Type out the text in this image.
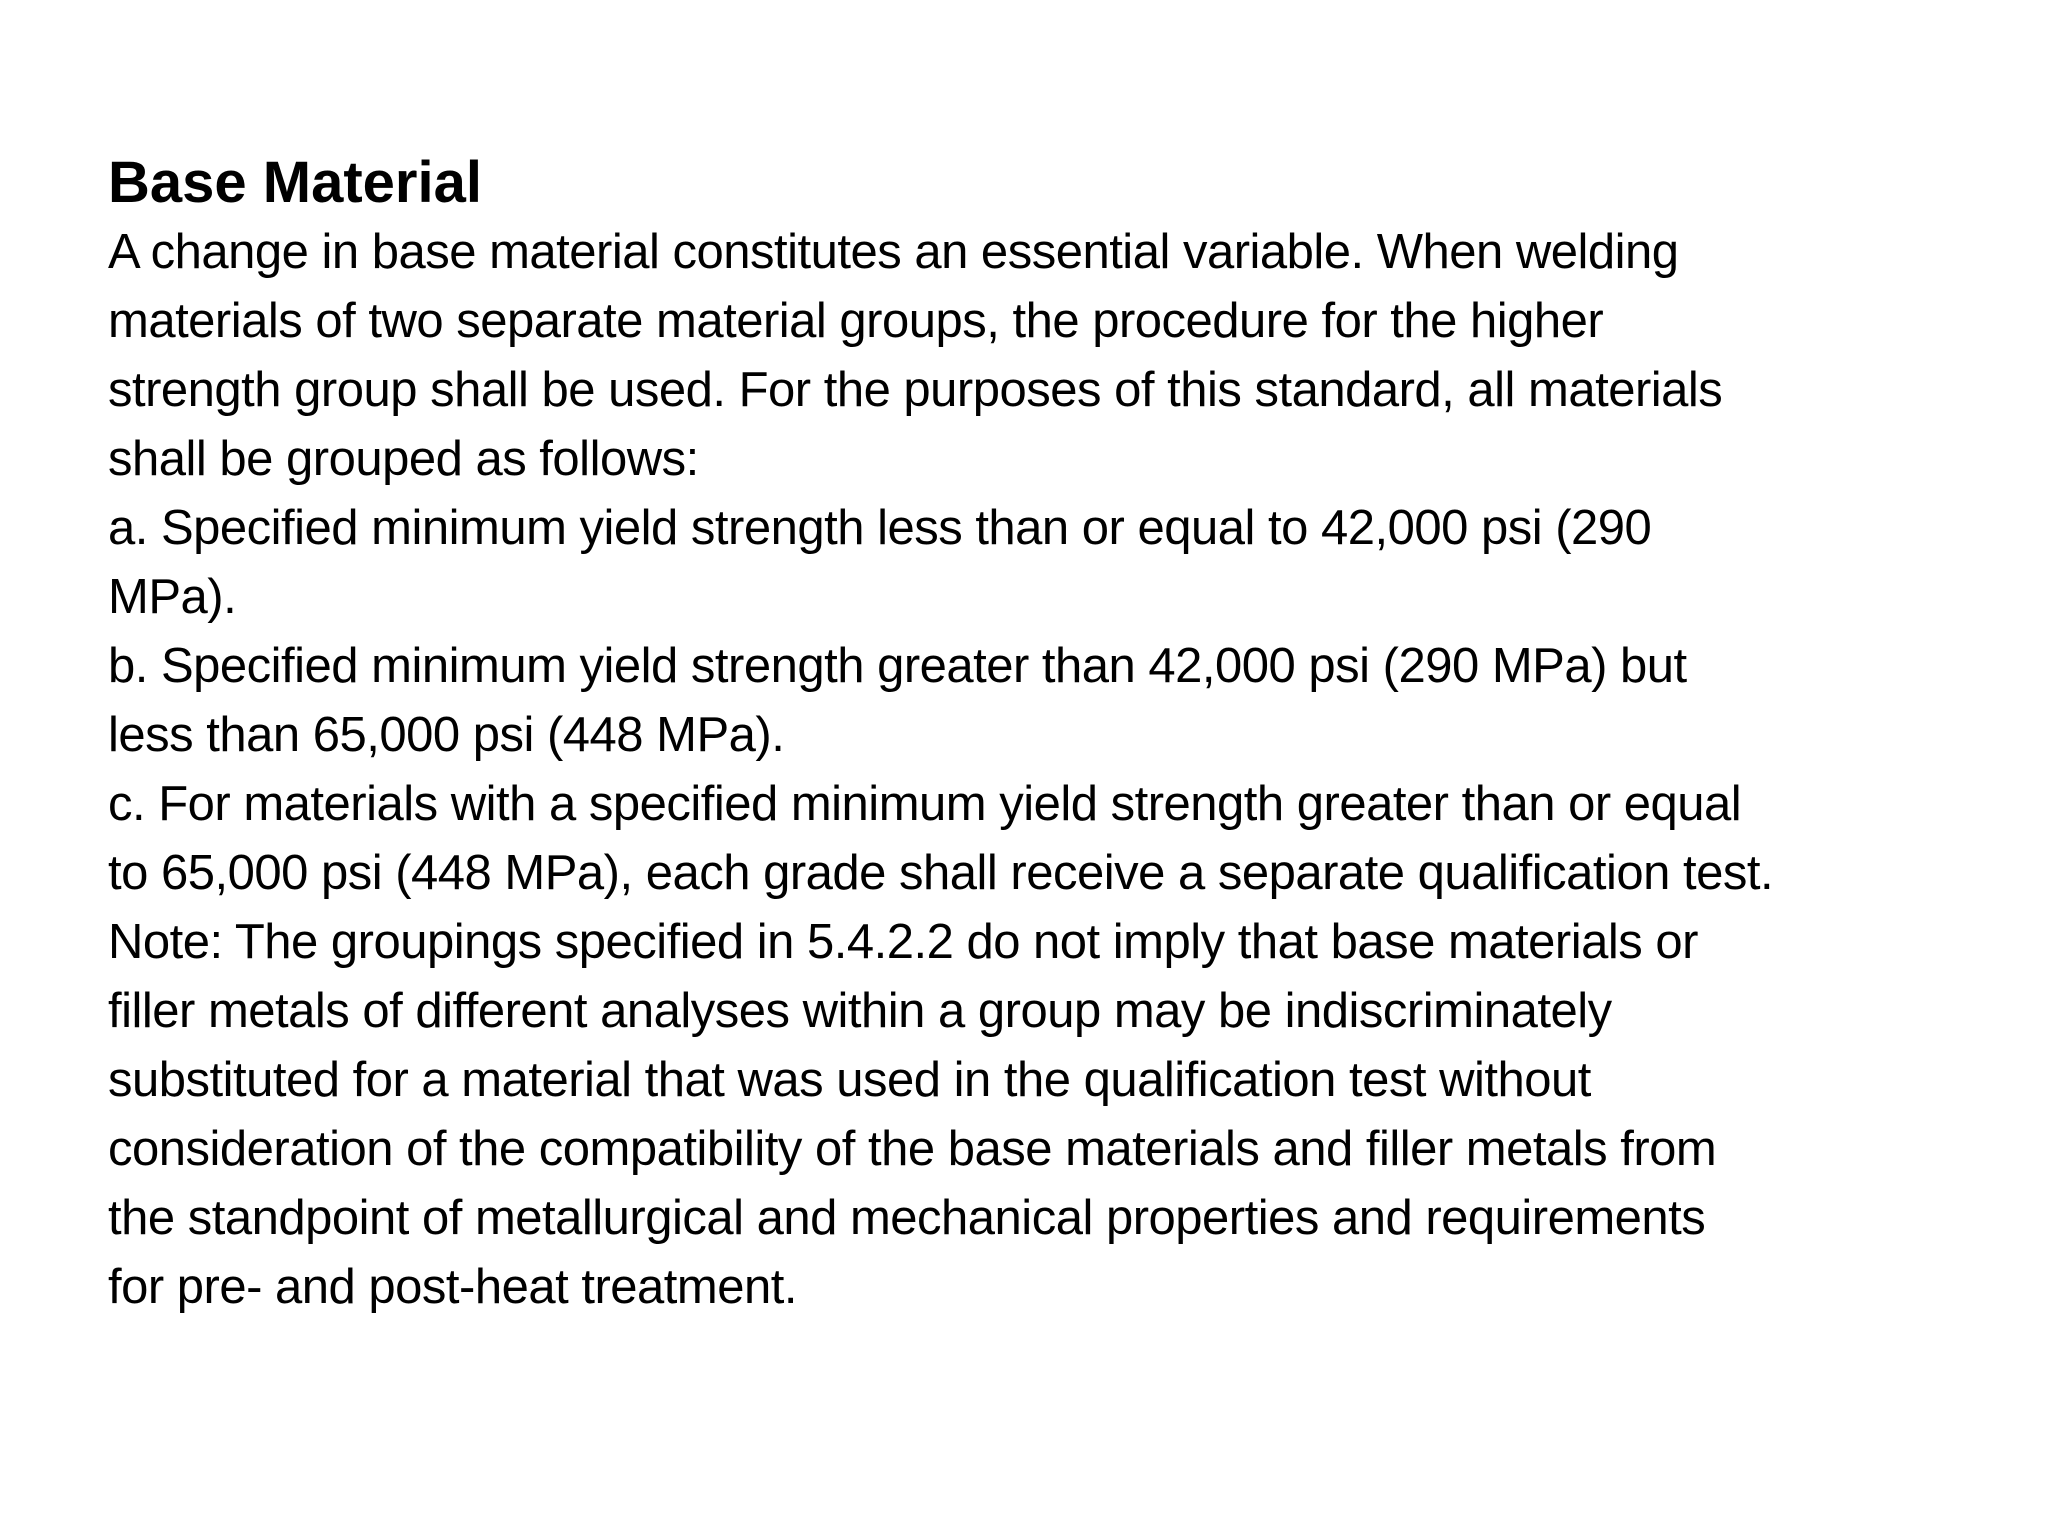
Base Material

A change in base material constitutes an essential variable. When welding
materials of two separate material groups, the procedure for the higher
strength group shall be used. For the purposes of this standard, all materials
shall be grouped as follows:
a. Specified minimum yield strength less than or equal to 42,000 psi (290
MPa).
b. Specified minimum yield strength greater than 42,000 psi (290 MPa) but
less than 65,000 psi (448 MPa).
c. For materials with a specified minimum yield strength greater than or equal
to 65,000 psi (448 MPa), each grade shall receive a separate qualification test.
Note: The groupings specified in 5.4.2.2 do not imply that base materials or
filler metals of different analyses within a group may be indiscriminately
substituted for a material that was used in the qualification test without
consideration of the compatibility of the base materials and filler metals from
the standpoint of metallurgical and mechanical properties and requirements
for pre- and post-heat treatment.
